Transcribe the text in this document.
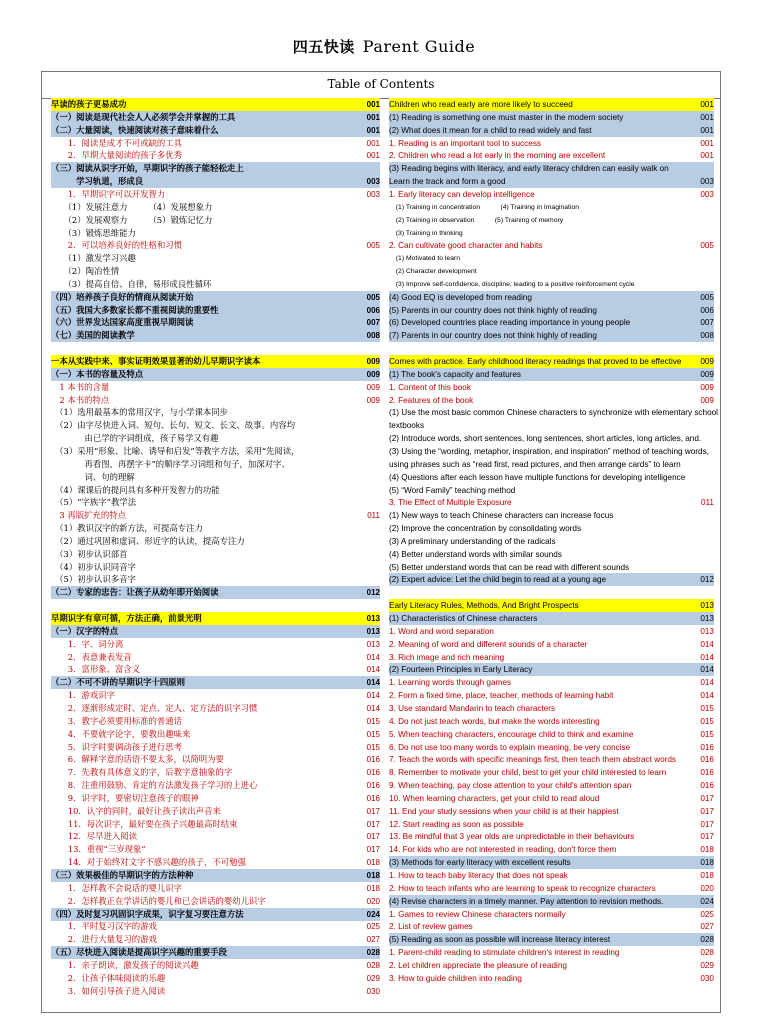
四五快读 Parent Guide
Table of Contents
早读的孩子更易成功	001
（一）阅读是现代社会人人必须学会并掌握的工具	001
（二）大量阅读，快速阅读对孩子意味着什么	001
　　1．阅读是成才不可或缺的工具	001
　　2．早期大量阅读的孩子多优秀	001
（三）阅读从识字开始，早期识字的孩子能轻松走上
　　　学习轨道，形成良	003
　　1．早期识字可以开发智力	003
　　（1）发展注意力　　　（4）发展想象力
　　（2）发展观察力　　　（5）锻炼记忆力
　　（3）锻炼思维能力
　　2．可以培养良好的性格和习惯	005
　　（1）激发学习兴趣
　　（2）陶冶性情
　　（3）提高自信、自律，易形成良性循环
（四）培养孩子良好的情商从阅读开始	005
（五）我国大多数家长都不重视阅读的重要性	006
（六）世界发达国家高度重视早期阅读	007
（七）美国的阅读教学	008
一本从实践中来、事实证明效果显著的幼儿早期识字读本	009
（一）本书的容量及特点	009
　1 本书的含量	009
　2 本书的特点	009
　（1）选用最基本的常用汉字，与小学课本同步
　（2）由字尽快进入词、短句、长句、短文、长文、故事。内容均
　　　　由已学的字词组成，孩子易学又有趣
　（3）采用“形象、比喻、诱导和启发”等教字方法，采用“先阅读，
　　　　再看图，再摆字卡”的顺序学习词组和句子，加深对字、
　　　　词、句的理解
　（4）课课后的提问具有多种开发智力的功能
　（5）“字族字”教学法
　3 再版扩充的特点	011
　（1）教识汉字的新方法，可提高专注力
　（2）通过巩固和虚词、形近字的认读，提高专注力
　（3）初步认识部首
　（4）初步认识同音字
　（5）初步认识多音字
（二）专家的忠告：让孩子从幼年即开始阅读	012
早期识字有章可循，方法正确，前景光明	013
（一）汉字的特点	013
　　1．字、词分离	013
　　2．表意兼表发音	014
　　3．富形象、富含义	014
（二）不可不讲的早期识字十四原则	014
　　1．游戏识字	014
　　2．逐渐形成定时、定点、定人、定方法的识字习惯	014
　　3．教字必须要用标准的普通话	015
　　4．不要就字论字，要教出趣味来	015
　　5．识字时要调动孩子进行思考	015
　　6．解释字意的话语不要太多，以简明为要	016
　　7．先教有具体意义的字，后教字意抽象的字	016
　　8．注重用鼓励、肯定的方法激发孩子学习的上进心	016
　　9．识字时，要密切注意孩子的眼神	016
　　10．认字的同时，最好让孩子读出声音来	017
　　11．每次识字，最好要在孩子兴趣最高时结束	017
　　12．尽早进入阅读	017
　　13．重视“三岁现象”	017
　　14．对于始终对文字不感兴趣的孩子，不可勉强	018
（三）效果极佳的早期识字的方法种种	018
　　1．怎样教不会说话的婴儿识字	018
　　2．怎样教正在学讲话的婴儿和已会讲话的婴幼儿识字	020
（四）及时复习巩固识字成果，识字复习要注意方法	024
　　1．平时复习汉字的游戏	025
　　2．进行大量复习的游戏	027
（五）尽快进入阅读是提高识字兴趣的重要手段	028
　　1．亲子朗读，激发孩子的阅读兴趣	028
　　2．让孩子体味阅读的乐趣	029
　　3．如何引导孩子进入阅读	030
Children who read early are more likely to succeed	001
(1) Reading is something one must master in the modern society	001
(2) What does it mean for a child to read widely and fast	001
1. Reading is an important tool to success	001
2. Children who read a lot early in the morning are excellent	001
(3) Reading begins with literacy, and early literacy children can easily walk on
Learn the track and form a good	003
1. Early literacy can develop intelligence	003
　(1) Training in concentration　　　(4) Training in Imagination
　(2) Training in observation　　　(5) Training of memory
　(3) Training in thinking
2. Can cultivate good character and habits	005
　(1) Motivated to learn
　(2) Character development
　(3) Improve self-confidence, discipline, leading to a positive reinforcement cycle
(4) Good EQ is developed from reading	005
(5) Parents in our country does not think highly of reading	006
(6) Developed countries place reading importance in young people	007
(7) Parents in our country does not think highly of reading	008
Comes with practice. Early childhood literacy readings that proved to be effective	009
(1) The book's capacity and features	009
1. Content of this book	009
2. Features of the book	009
(1) Use the most basic common Chinese characters to synchronize with elementary school
textbooks
(2) Introduce words, short sentences, long sentences, short articles, long articles, and.
(3) Using the “wording, metaphor, inspiration, and inspiration” method of teaching words,
using phrases such as “read first, read pictures, and then arrange cards” to learn
(4) Questions after each lesson have multiple functions for developing intelligence
(5) “Word Family” teaching method
3. The Effect of Multiple Exposure	011
(1) New ways to teach Chinese characters can increase focus
(2) Improve the concentration by consolidating words
(3) A preliminary understanding of the radicals
(4) Better understand words with similar sounds
(5) Better understand words that can be read with different sounds
(2) Expert advice: Let the child begin to read at a young age	012
Early Literacy Rules, Methods, And Bright Prospects	013
(1) Characteristics of Chinese characters	013
1. Word and word separation	013
2. Meaning of word and different sounds of a character	014
3. Rich image and rich meaning	014
(2) Fourteen Principles in Early Literacy	014
1. Learning words through games	014
2. Form a fixed time, place, teacher, methods of learning habit	014
3. Use standard Mandarin to teach characters	015
4. Do not just teach words, but make the words interesting	015
5. When teaching characters, encourage child to think and examine	015
6. Do not use too many words to explain meaning, be very concise	016
7. Teach the words with specific meanings first, then teach them abstract words	016
8. Remember to motivate your child, best to get your child interested to learn	016
9. When teaching, pay close attention to your child's attention span	016
10. When learning characters, get your child to read aloud	017
11. End your study sessions when your child is at their happiest	017
12. Start reading as soon as possible	017
13. Be mindful that 3 year olds are unpredictable in their behaviours	017
14. For kids who are not interested in reading, don't force them	018
(3) Methods for early literacy with excellent results	018
1. How to teach baby literacy that does not speak	018
2. How to teach infants who are learning to speak to recognize characters	020
(4) Revise characters in a timely manner. Pay attention to revision methods.	024
1. Games to review Chinese characters normally	025
2. List of review games	027
(5) Reading as soon as possible will increase literacy interest	028
1. Parent-child reading to stimulate children's interest in reading	028
2. Let children appreciate the pleasure of reading	029
3. How to guide children into reading	030
